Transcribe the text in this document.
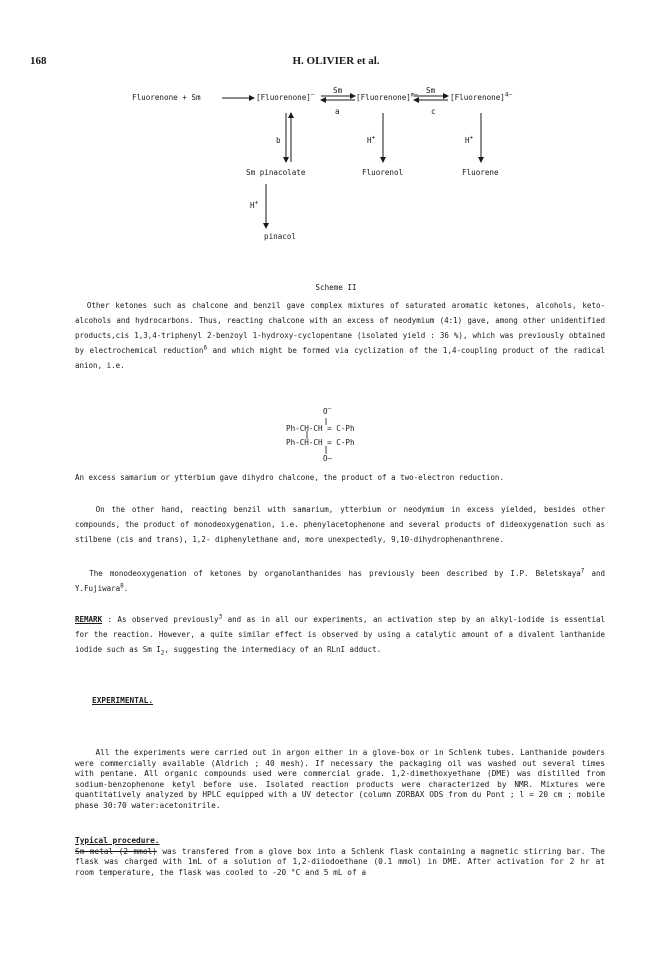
168	H. OLIVIER et al.
Fluorenone + Sm	[Fluorenone]– Sm
a
[Fluorenone]$^{m-}$ Sm
c
[Fluorenone]$^{4-}$
b	H+	H+
Sm pinacolate	Fluorenol	Fluorene
H+
pinacol
Scheme II
Other ketones such as chalcone and benzil gave complex mixtures of saturated aromatic ketones, alcohols, keto-alcohols and hydrocarbons. Thus, reacting chalcone with an excess of neodymium (4:1) gave, among other unidentified products,cis 1,3,4-triphenyl 2-benzoyl 1-hydroxy-cyclopentane (isolated yield : 36 %), which was previously obtained by electrochemical reduction$^6$ and which might be formed via cyclization of the 1,4-coupling product of the radical anion, i.e.
O–
Ph-CH-CH = C-Ph
Ph-CH-CH = C-Ph
O–
An excess samarium or ytterbium gave dihydro chalcone, the product of a two-electron reduction.
On the other hand, reacting benzil with samarium, ytterbium or neodymium in excess yielded, besides other compounds, the product of monodeoxygenation, i.e. phenylacetophenone and several products of dideoxygenation such as stilbene (cis and trans), 1,2- diphenylethane and, more unexpectedly, 9,10-dihydrophenanthrene.
The monodeoxygenation of ketones by organolanthanides has previously been described by I.P. Beletskaya$^7$ and Y.Fujiwara$^8$.
REMARK : As observed previously$^3$ and as in all our experiments, an activation step by an alkyl-iodide is essential for the reaction. However, a quite similar effect is observed by using a catalytic amount of a divalent lanthanide iodide such as Sm $I_2$, suggesting the intermediacy of an RLnI adduct.
EXPERIMENTAL.
All the experiments were carried out in argon either in a glove-box or in Schlenk tubes. Lanthanide powders were commercially available (Aldrich ; 40 mesh). If necessary the packaging oil was washed out several times with pentane. All organic compounds used were commercial grade. 1,2-dimethoxyethane (DME) was distilled from sodium-benzophenone ketyl before use. Isolated reaction products were characterized by NMR. Mixtures were quantitatively analyzed by HPLC equipped with a UV detector (column ZORBAX ODS from du Pont ; l = 20 cm ; mobile phase 30:70 water:acetonitrile.
Typical procedure.
Sm metal (2 mmol) was transfered from a glove box into a Schlenk flask containing a magnetic stirring bar. The flask was charged with 1mL of a solution of 1,2-diiodoethane (0.1 mmol) in DME. After activation for 2 hr at room temperature, the flask was cooled to -20 °C and 5 mL of a
